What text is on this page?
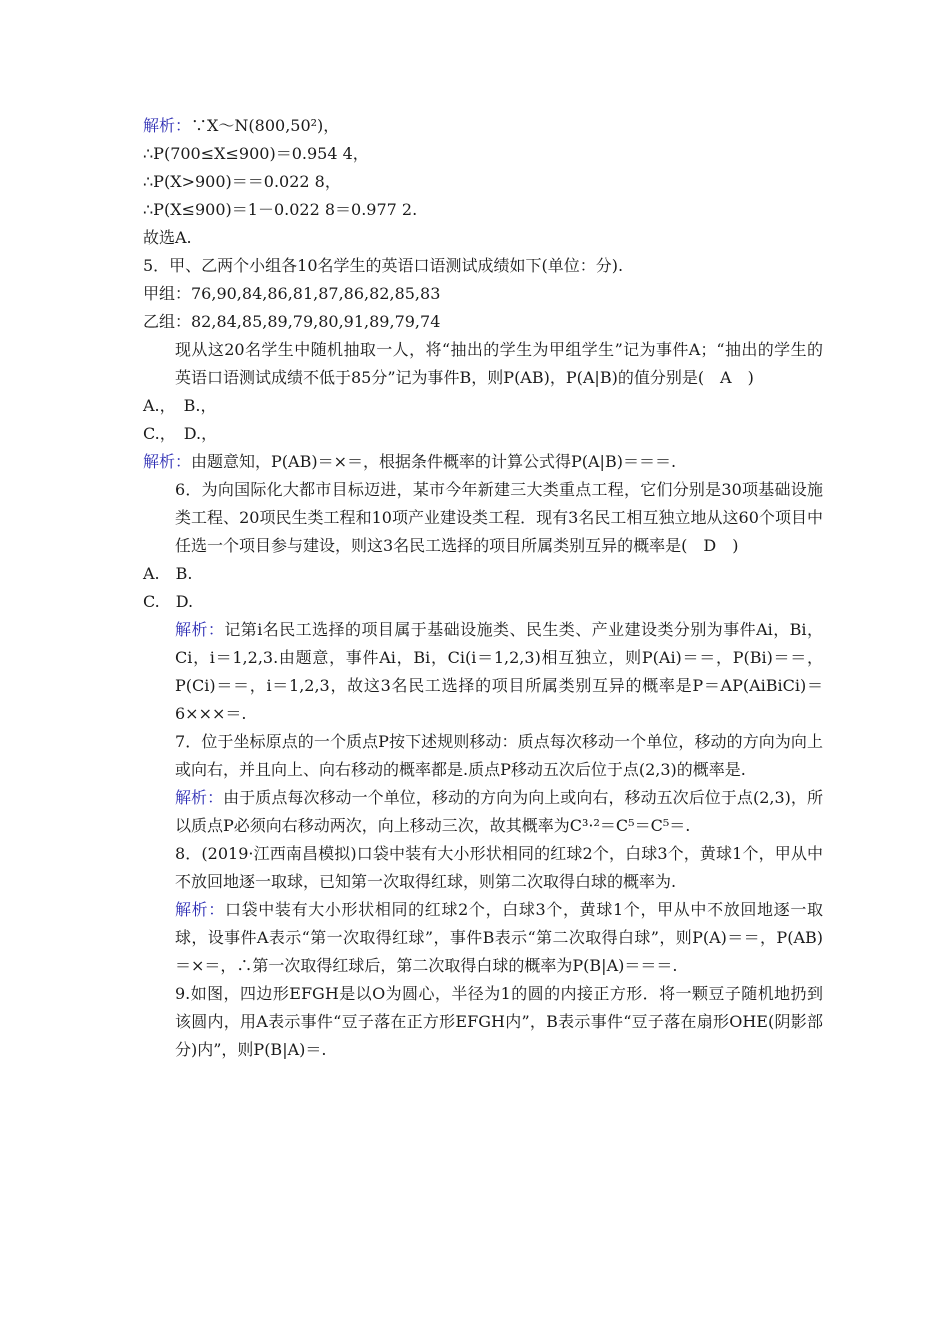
解析：∵X～N(800,50²)，
∴P(700≤X≤900)＝0.954 4，
∴P(X>900)＝＝0.022 8，
∴P(X≤900)＝1－0.022 8＝0.977 2.
故选A.
5．甲、乙两个小组各10名学生的英语口语测试成绩如下(单位：分).
甲组：76,90,84,86,81,87,86,82,85,83
乙组：82,84,85,89,79,80,91,89,79,74
现从这20名学生中随机抽取一人，将“抽出的学生为甲组学生”记为事件A；“抽出的学生的英语口语测试成绩不低于85分”记为事件B，则P(AB)，P(A|B)的值分别是(　A　)
A.，　B.，
C.，　D.，
解析：由题意知，P(AB)＝×＝，根据条件概率的计算公式得P(A|B)＝＝＝.
6．为向国际化大都市目标迈进，某市今年新建三大类重点工程，它们分别是30项基础设施类工程、20项民生类工程和10项产业建设类工程．现有3名民工相互独立地从这60个项目中任选一个项目参与建设，则这3名民工选择的项目所属类别互异的概率是(　D　)
A.　B.
C.　D.
解析：记第i名民工选择的项目属于基础设施类、民生类、产业建设类分别为事件Ai，Bi，Ci，i＝1,2,3.由题意，事件Ai，Bi，Ci(i＝1,2,3)相互独立，则P(Ai)＝＝，P(Bi)＝＝，P(Ci)＝＝，i＝1,2,3，故这3名民工选择的项目所属类别互异的概率是P＝AP(AiBiCi)＝6×××＝.
7．位于坐标原点的一个质点P按下述规则移动：质点每次移动一个单位，移动的方向为向上或向右，并且向上、向右移动的概率都是.质点P移动五次后位于点(2,3)的概率是.
解析：由于质点每次移动一个单位，移动的方向为向上或向右，移动五次后位于点(2,3)，所以质点P必须向右移动两次，向上移动三次，故其概率为C³·²＝C⁵＝C⁵＝.
8．(2019·江西南昌模拟)口袋中装有大小形状相同的红球2个，白球3个，黄球1个，甲从中不放回地逐一取球，已知第一次取得红球，则第二次取得白球的概率为.
解析：口袋中装有大小形状相同的红球2个，白球3个，黄球1个，甲从中不放回地逐一取球，设事件A表示“第一次取得红球”，事件B表示“第二次取得白球”，则P(A)＝＝，P(AB)＝×＝，∴第一次取得红球后，第二次取得白球的概率为P(B|A)＝＝＝.
9.如图，四边形EFGH是以O为圆心，半径为1的圆的内接正方形．将一颗豆子随机地扔到该圆内，用A表示事件“豆子落在正方形EFGH内”，B表示事件“豆子落在扇形OHE(阴影部分)内”，则P(B|A)＝.
